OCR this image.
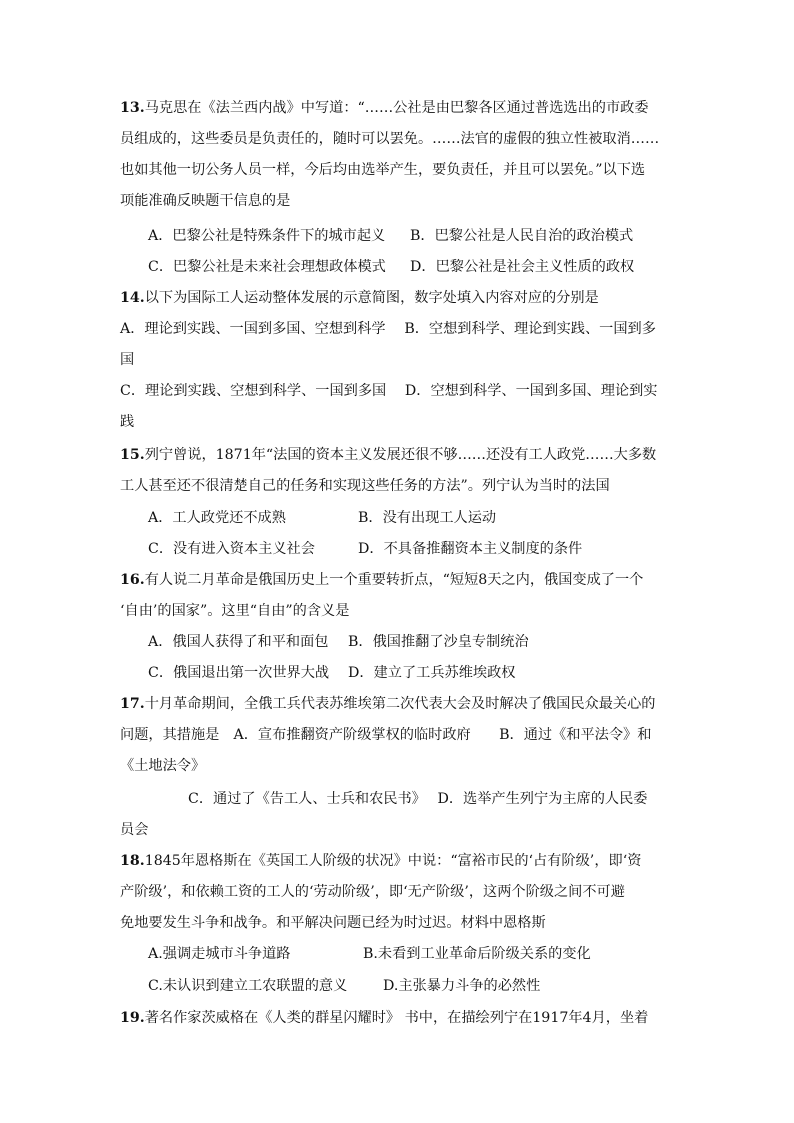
13.马克思在《法兰西内战》中写道：“……公社是由巴黎各区通过普选选出的市政委
员组成的，这些委员是负责任的，随时可以罢免。……法官的虚假的独立性被取消……
也如其他一切公务人员一样，今后均由选举产生，要负责任，并且可以罢免。”以下选
项能准确反映题干信息的是
A．巴黎公社是特殊条件下的城市起义 B．巴黎公社是人民自治的政治模式
C．巴黎公社是未来社会理想政体模式 D．巴黎公社是社会主义性质的政权
14.以下为国际工人运动整体发展的示意简图，数字处填入内容对应的分别是
A．理论到实践、一国到多国、空想到科学　 B．空想到科学、理论到实践、一国到多
国
C．理论到实践、空想到科学、一国到多国　 D．空想到科学、一国到多国、理论到实
践
15.列宁曾说，1871年“法国的资本主义发展还很不够……还没有工人政党……大多数
工人甚至还不很清楚自己的任务和实现这些任务的方法”。列宁认为当时的法国
A．工人政党还不成熟	B．没有出现工人运动
C．没有进入资本主义社会	D．不具备推翻资本主义制度的条件
16.有人说二月革命是俄国历史上一个重要转折点，“短短8天之内，俄国变成了一个
‘自由’的国家”。这里“自由”的含义是
A．俄国人获得了和平和面包 B．俄国推翻了沙皇专制统治
C．俄国退出第一次世界大战 D．建立了工兵苏维埃政权
17.十月革命期间，全俄工兵代表苏维埃第二次代表大会及时解决了俄国民众最关心的
问题，其措施是　A．宣布推翻资产阶级掌权的临时政府　　B．通过《和平法令》和
《土地法令》
C．通过了《告工人、士兵和农民书》　 D．选举产生列宁为主席的人民委
员会
18.1845年恩格斯在《英国工人阶级的状况》中说：“富裕市民的‘占有阶级’，即‘资
产阶级’，和依赖工资的工人的‘劳动阶级’，即‘无产阶级’，这两个阶级之间不可避
免地要发生斗争和战争。和平解决问题已经为时过迟。材料中恩格斯
A.强调走城市斗争道路	B.未看到工业革命后阶级关系的变化
C.未认识到建立工农联盟的意义	D.主张暴力斗争的必然性
19.著名作家茨威格在《人类的群星闪耀时》 书中，在描绘列宁在1917年4月，坐着
